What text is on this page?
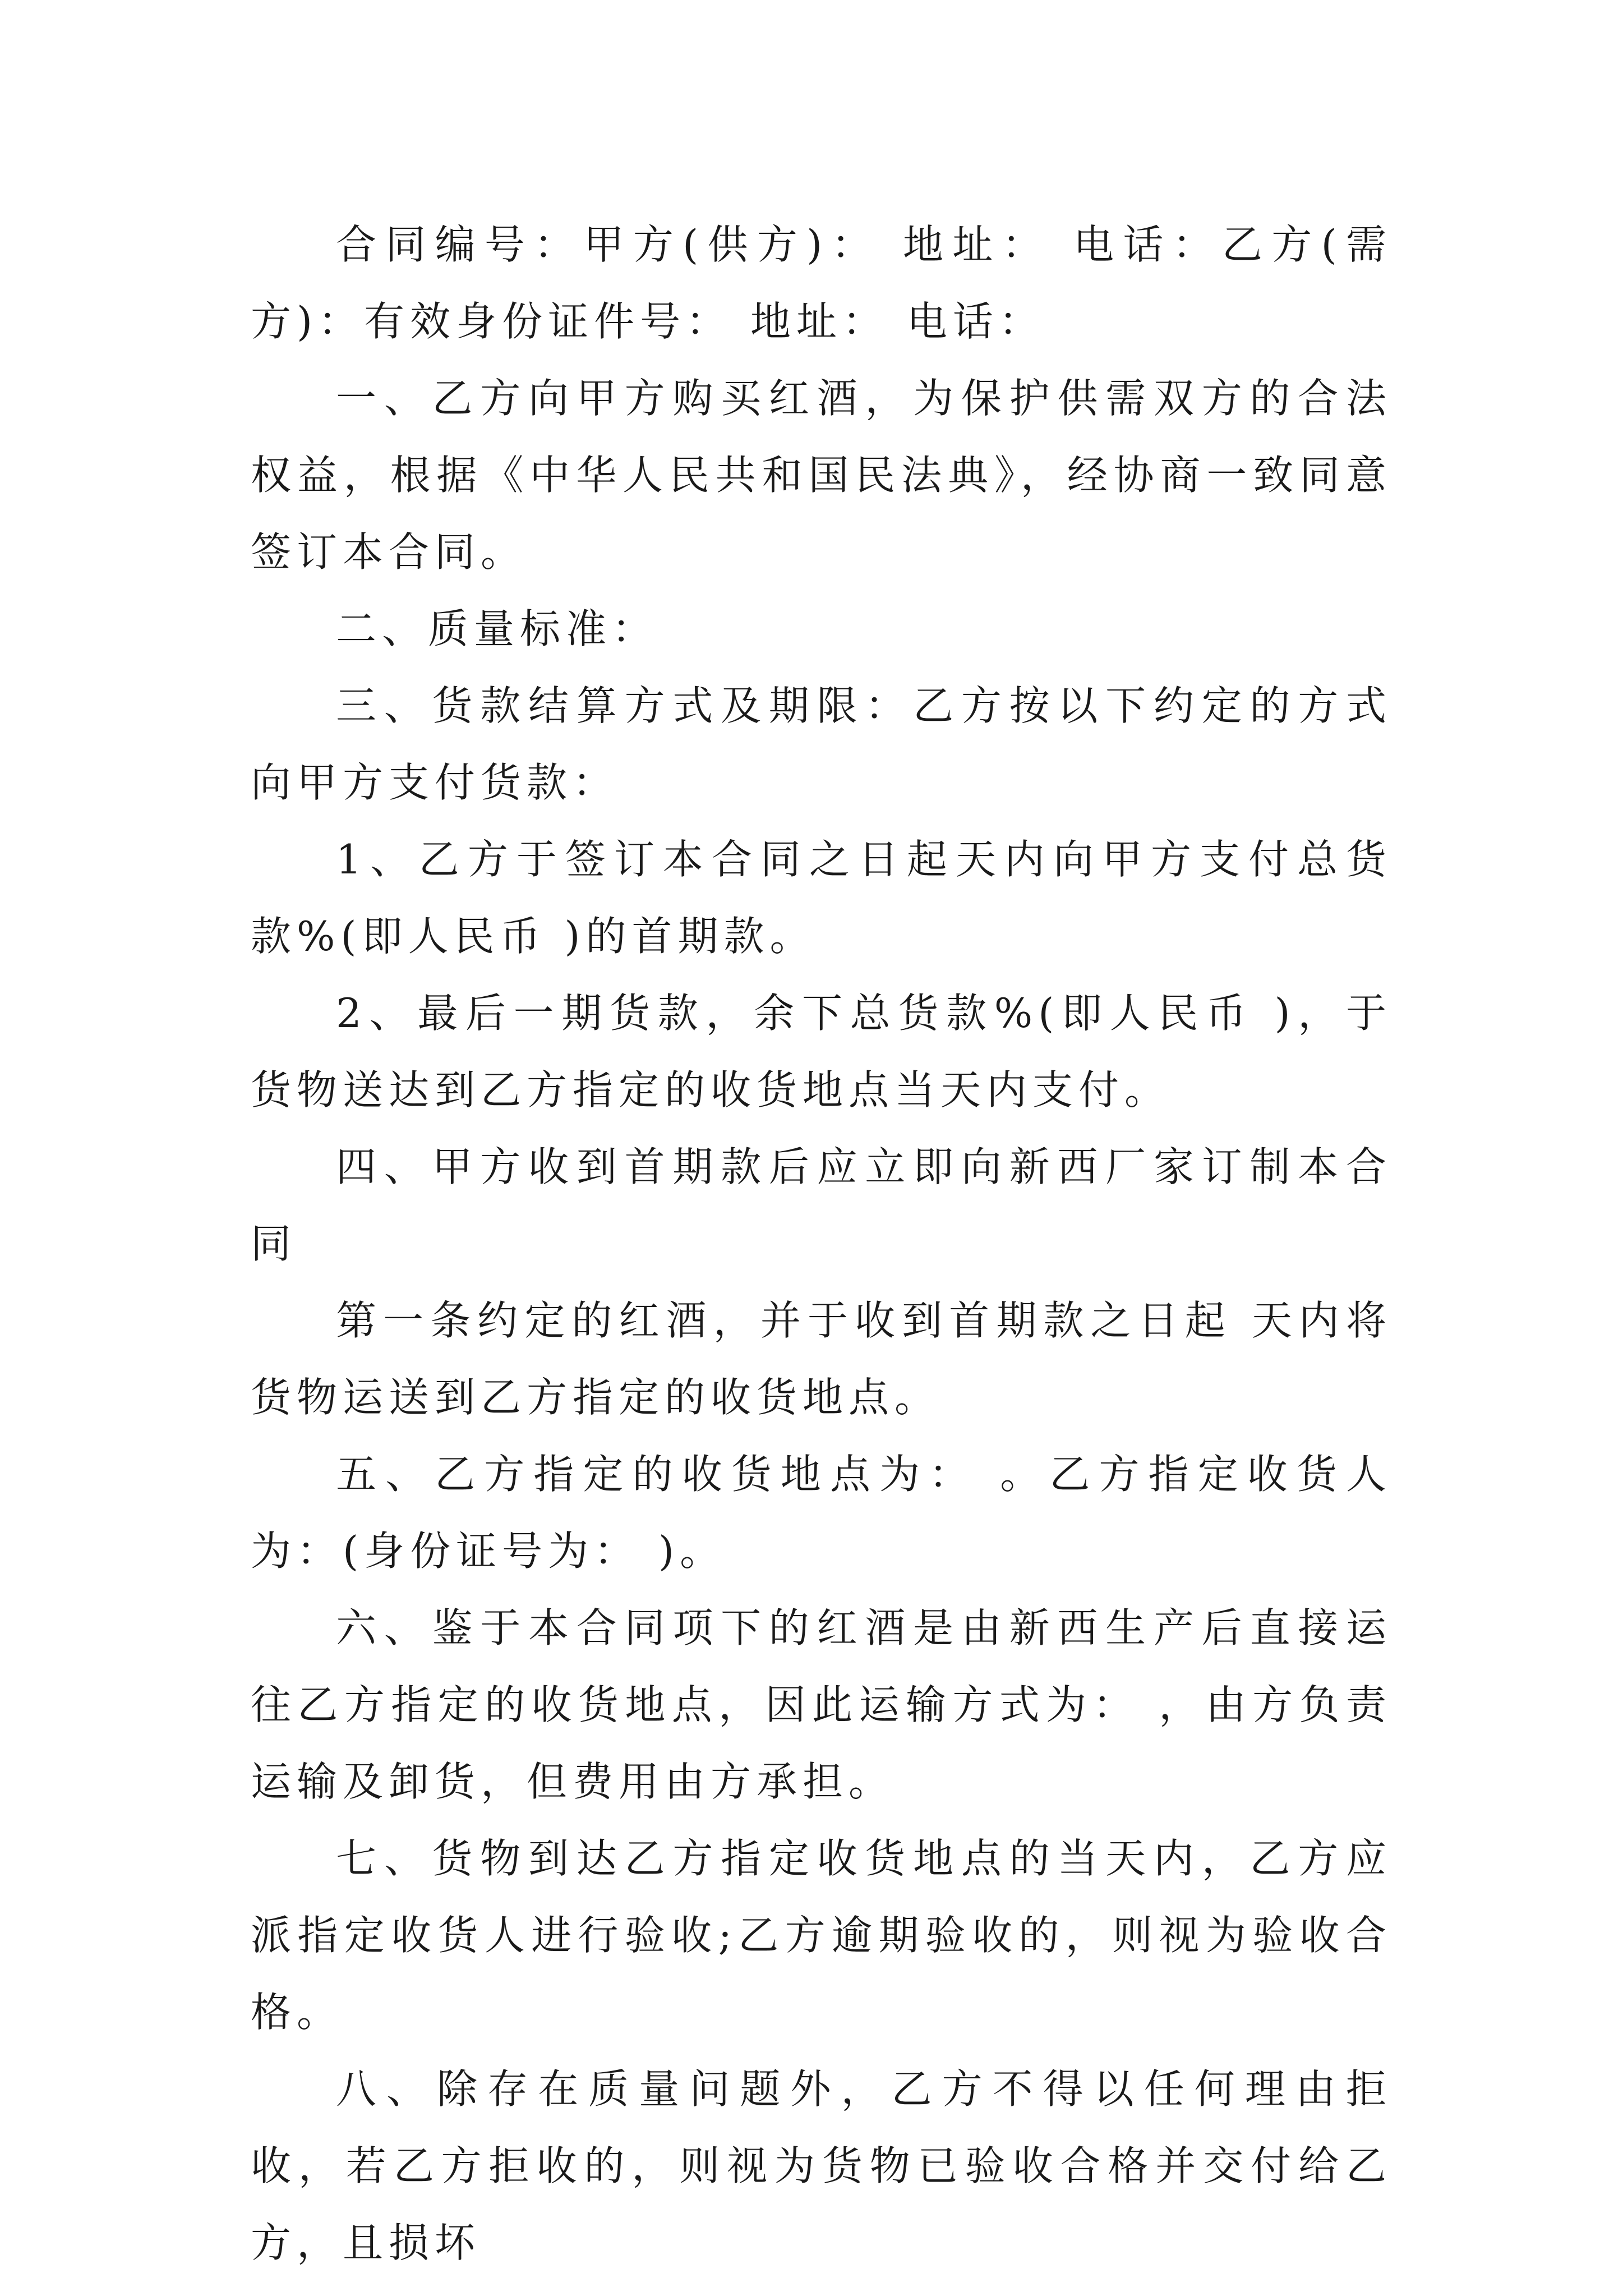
合同编号：甲方(供方)： 地址： 电话：乙方(需方)：有效身份证件号： 地址： 电话：

一、乙方向甲方购买红酒，为保护供需双方的合法权益，根据《中华人民共和国民法典》，经协商一致同意签订本合同。

二、质量标准：

三、货款结算方式及期限：乙方按以下约定的方式向甲方支付货款：

1、乙方于签订本合同之日起天内向甲方支付总货款%(即人民币 )的首期款。

2、最后一期货款，余下总货款%(即人民币 )，于货物送达到乙方指定的收货地点当天内支付。

四、甲方收到首期款后应立即向新西厂家订制本合同

第一条约定的红酒，并于收到首期款之日起 天内将货物运送到乙方指定的收货地点。

五、乙方指定的收货地点为： 。乙方指定收货人为：(身份证号为： )。

六、鉴于本合同项下的红酒是由新西生产后直接运往乙方指定的收货地点，因此运输方式为： ，由方负责运输及卸货，但费用由方承担。

七、货物到达乙方指定收货地点的当天内，乙方应派指定收货人进行验收;乙方逾期验收的，则视为验收合格。

八、除存在质量问题外，乙方不得以任何理由拒收，若乙方拒收的，则视为货物已验收合格并交付给乙方，且损坏
